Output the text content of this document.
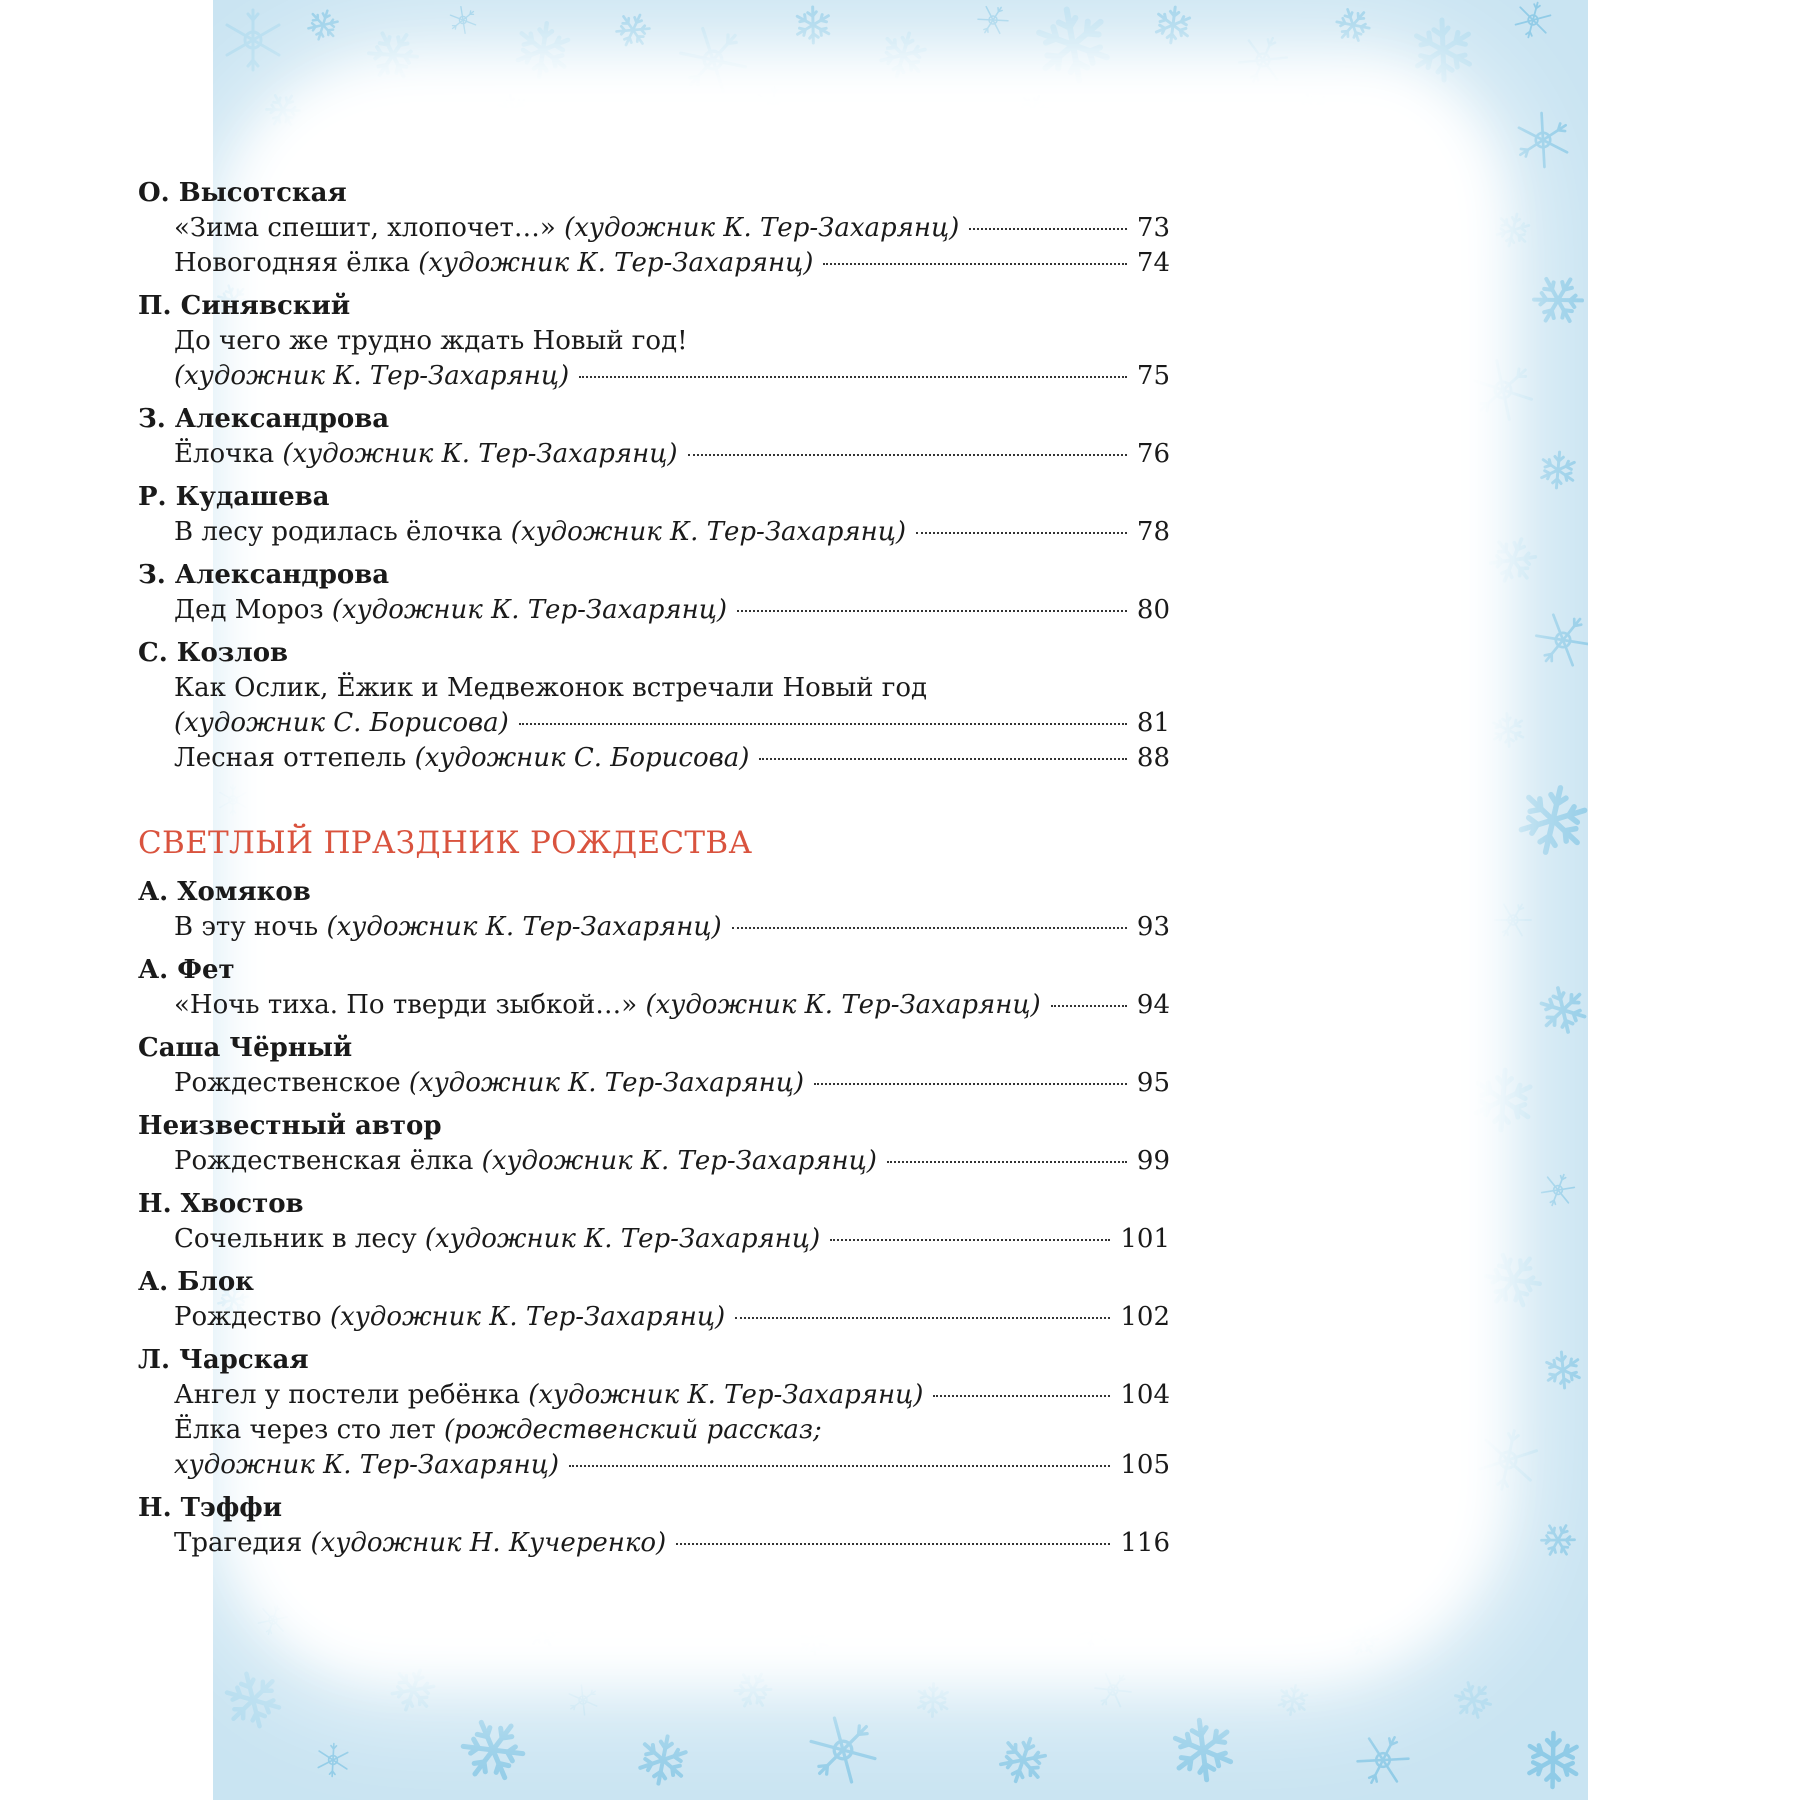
О. Высотская
«Зима спешит, хлопочет…»
(художник К. Тер-Захарянц)	73
Новогодняя ёлка
(художник К. Тер-Захарянц)	74
П. Синявский
До чего же трудно ждать Новый год!
(художник К. Тер-Захарянц)	75
З. Александрова
Ёлочка
(художник К. Тер-Захарянц)	76
Р. Кудашева
В лесу родилась ёлочка
(художник К. Тер-Захарянц)	78
З. Александрова
Дед Мороз
(художник К. Тер-Захарянц)	80
С. Козлов
Как Ослик, Ёжик и Медвежонок встречали Новый год
(художник С. Борисова)	81
Лесная оттепель
(художник С. Борисова)	88
СВЕТЛЫЙ ПРАЗДНИК РОЖДЕСТВА
А. Хомяков
В эту ночь
(художник К. Тер-Захарянц)	93
А. Фет
«Ночь тиха. По тверди зыбкой…»
(художник К. Тер-Захарянц)	94
Саша Чёрный
Рождественское
(художник К. Тер-Захарянц)	95
Неизвестный автор
Рождественская ёлка
(художник К. Тер-Захарянц)	99
Н. Хвостов
Сочельник в лесу
(художник К. Тер-Захарянц)	101
А. Блок
Рождество
(художник К. Тер-Захарянц)	102
Л. Чарская
Ангел у постели ребёнка
(художник К. Тер-Захарянц)	104
Ёлка через сто лет
(рождественский рассказ;
художник К. Тер-Захарянц)	105
Н. Тэффи
Трагедия
(художник Н. Кучеренко)	116
